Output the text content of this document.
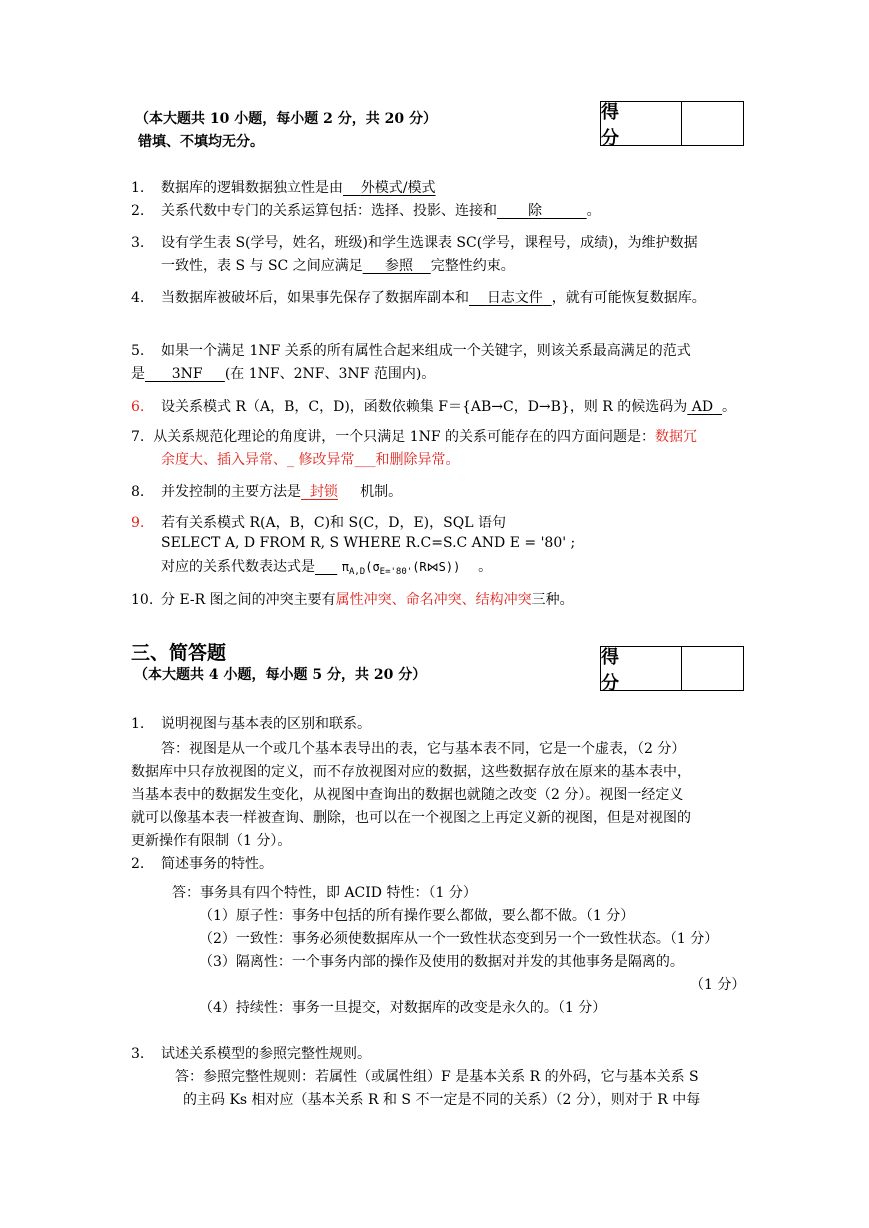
（本大题共 10 小题，每小题 2 分，共 20 分）
错填、不填均无分。
得 分
1. 数据库的逻辑数据独立性是由 外模式/模式
2. 关系代数中专门的关系运算包括：选择、投影、连接和 除	。
3. 设有学生表 S(学号，姓名，班级)和学生选课表 SC(学号，课程号，成绩)，为维护数据
一致性，表 S 与 SC 之间应满足 参照 完整性约束。
4. 当数据库被破坏后，如果事先保存了数据库副本和 日志文件 ，就有可能恢复数据库。
5. 如果一个满足 1NF 关系的所有属性合起来组成一个关键字，则该关系最高满足的范式
是 3NF (在 1NF、2NF、3NF 范围内)。
6. 设关系模式 R（A，B，C，D)，函数依赖集 F＝{AB→C，D→B}，则 R 的候选码为 AD 。
7. 从关系规范化理论的角度讲，一个只满足 1NF 的关系可能存在的四方面问题是：数据冗
余度大、插入异常、_ 修改异常___和删除异常。
8. 并发控制的主要方法是 封锁 机制。
9. 若有关系模式 R(A，B，C)和 S(C，D，E)，SQL 语句
SELECT A, D FROM R, S WHERE R.C=S.C AND E = '80' ;
对应的关系代数表达式是 $\pi_{A,D}(\sigma_{E='80'}(R⋈S))$ 。
10. 分 E-R 图之间的冲突主要有属性冲突、命名冲突、结构冲突三种。
三、简答题
（本大题共 4 小题，每小题 5 分，共 20 分）
得 分
1. 说明视图与基本表的区别和联系。
答：视图是从一个或几个基本表导出的表，它与基本表不同，它是一个虚表，（2 分）
数据库中只存放视图的定义，而不存放视图对应的数据，这些数据存放在原来的基本表中，
当基本表中的数据发生变化，从视图中查询出的数据也就随之改变（2 分）。视图一经定义
就可以像基本表一样被查询、删除，也可以在一个视图之上再定义新的视图，但是对视图的
更新操作有限制（1 分）。
2. 简述事务的特性。
答：事务具有四个特性，即 ACID 特性：（1 分）
（1）原子性：事务中包括的所有操作要么都做，要么都不做。（1 分）
（2）一致性：事务必须使数据库从一个一致性状态变到另一个一致性状态。（1 分）
（3）隔离性：一个事务内部的操作及使用的数据对并发的其他事务是隔离的。
（1 分）
（4）持续性：事务一旦提交，对数据库的改变是永久的。（1 分）
3. 试述关系模型的参照完整性规则。
答：参照完整性规则：若属性（或属性组）F 是基本关系 R 的外码，它与基本关系 S
的主码 Ks 相对应（基本关系 R 和 S 不一定是不同的关系）（2 分），则对于 R 中每
